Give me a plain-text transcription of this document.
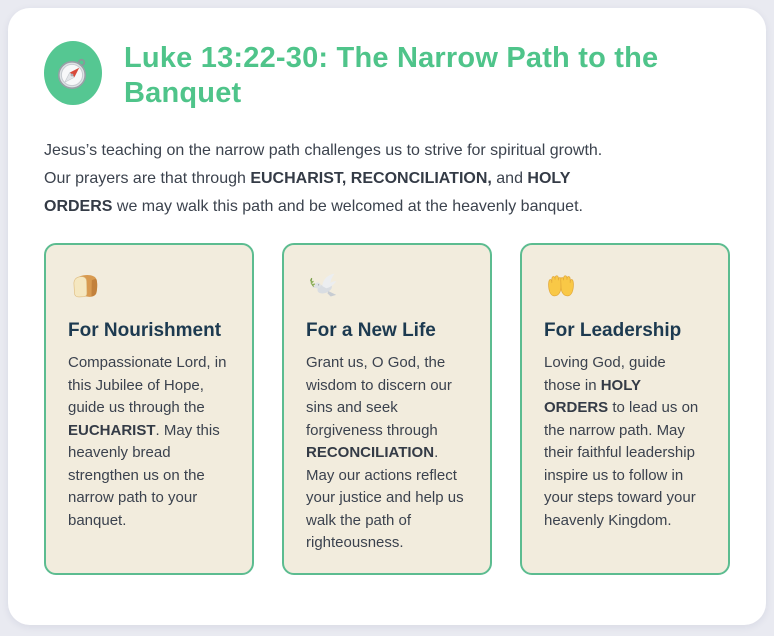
Luke 13:22-30: The Narrow Path to the Banquet

Jesus’s teaching on the narrow path challenges us to strive for spiritual growth. Our prayers are that through EUCHARIST, RECONCILIATION, and HOLY ORDERS we may walk this path and be welcomed at the heavenly banquet.

For Nourishment

Compassionate Lord, in this Jubilee of Hope, guide us through the EUCHARIST. May this heavenly bread strengthen us on the narrow path to your banquet.

For a New Life

Grant us, O God, the wisdom to discern our sins and seek forgiveness through RECONCILIATION. May our actions reflect your justice and help us walk the path of righteousness.

For Leadership

Loving God, guide those in HOLY ORDERS to lead us on the narrow path. May their faithful leadership inspire us to follow in your steps toward your heavenly Kingdom.
